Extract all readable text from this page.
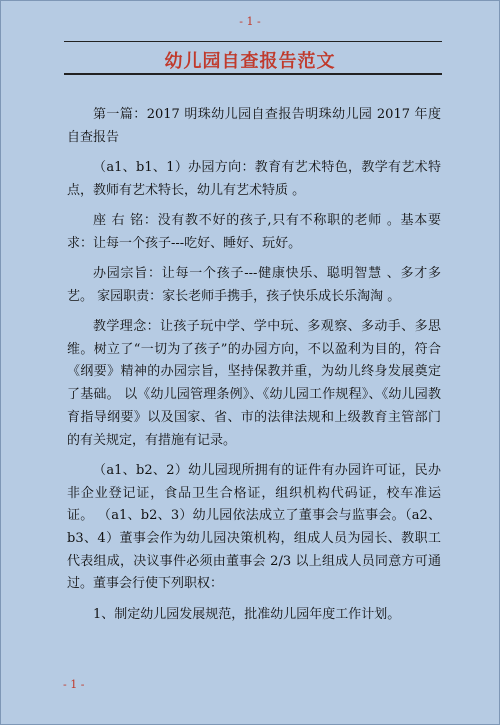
- 1 -
幼儿园自查报告范文

第一篇：2017 明珠幼儿园自查报告明珠幼儿园 2017 年度自查报告

（a1、b1、1）办园方向：教育有艺术特色，教学有艺术特点，教师有艺术特长，幼儿有艺术特质 。

座 右 铭：没有教不好的孩子,只有不称职的老师 。基本要求：让每一个孩子---吃好、睡好、玩好。

办园宗旨：让每一个孩子---健康快乐、聪明智慧 、多才多艺。 家园职责：家长老师手携手，孩子快乐成长乐淘淘 。

教学理念：让孩子玩中学、学中玩、多观察、多动手、多思维。树立了“一切为了孩子”的办园方向，不以盈利为目的，符合《纲要》精神的办园宗旨，坚持保教并重，为幼儿终身发展奠定了基础。 以《幼儿园管理条例》、《幼儿园工作规程》、《幼儿园教育指导纲要》以及国家、省、市的法律法规和上级教育主管部门的有关规定，有措施有记录。

（a1、b2、2）幼儿园现所拥有的证件有办园许可证，民办非企业登记证，食品卫生合格证，组织机构代码证，校车准运证。 （a1、b2、3）幼儿园依法成立了董事会与监事会。（a2、b3、4）董事会作为幼儿园决策机构，组成人员为园长、教职工代表组成，决议事件必须由董事会 2/3 以上组成人员同意方可通过。董事会行使下列职权：

1、制定幼儿园发展规范，批准幼儿园年度工作计划。

- 1 -
